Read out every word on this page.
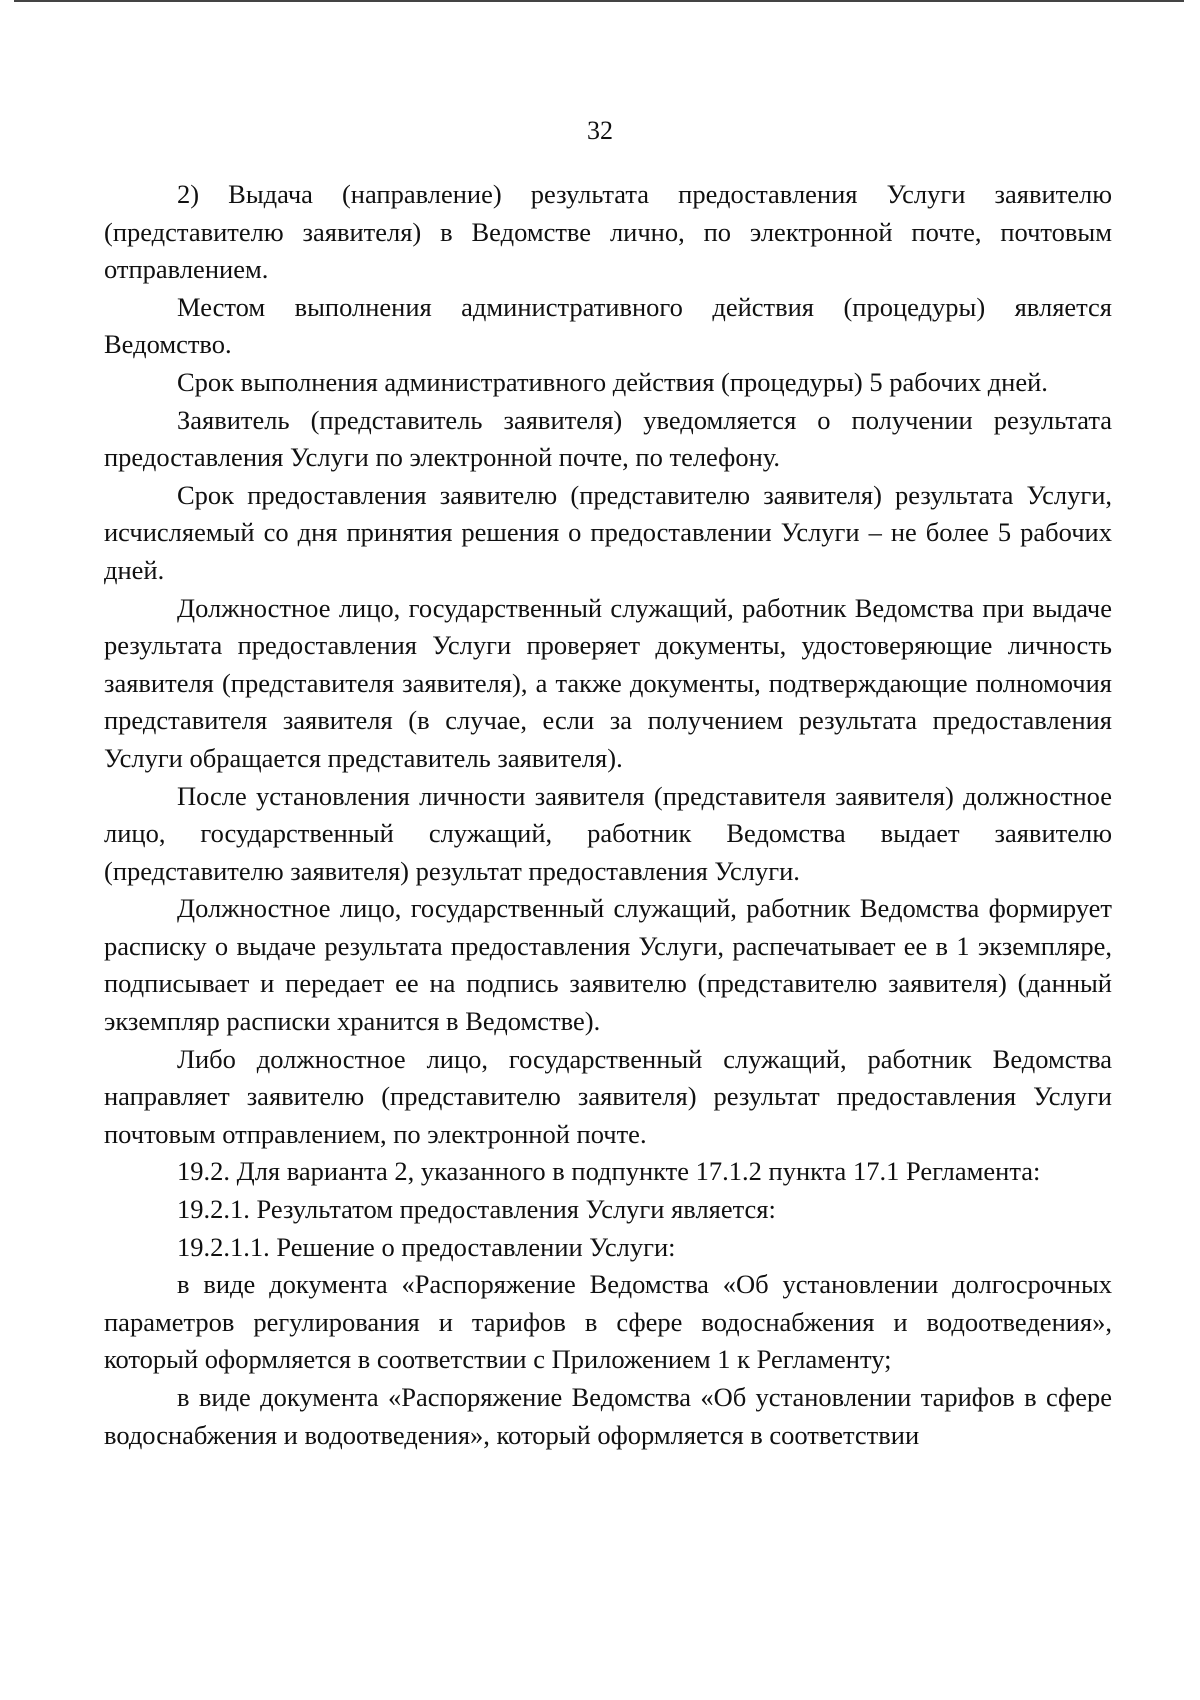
32

2) Выдача (направление) результата предоставления Услуги заявителю (представителю заявителя) в Ведомстве лично, по электронной почте, почтовым отправлением.

Местом выполнения административного действия (процедуры) является Ведомство.

Срок выполнения административного действия (процедуры) 5 рабочих дней.

Заявитель (представитель заявителя) уведомляется о получении результата предоставления Услуги по электронной почте, по телефону.

Срок предоставления заявителю (представителю заявителя) результата Услуги, исчисляемый со дня принятия решения о предоставлении Услуги – не более 5 рабочих дней.

Должностное лицо, государственный служащий, работник Ведомства при выдаче результата предоставления Услуги проверяет документы, удостоверяющие личность заявителя (представителя заявителя), а также документы, подтверждающие полномочия представителя заявителя (в случае, если за получением результата предоставления Услуги обращается представитель заявителя).

После установления личности заявителя (представителя заявителя) должностное лицо, государственный служащий, работник Ведомства выдает заявителю (представителю заявителя) результат предоставления Услуги.

Должностное лицо, государственный служащий, работник Ведомства формирует расписку о выдаче результата предоставления Услуги, распечатывает ее в 1 экземпляре, подписывает и передает ее на подпись заявителю (представителю заявителя) (данный экземпляр расписки хранится в Ведомстве).

Либо должностное лицо, государственный служащий, работник Ведомства направляет заявителю (представителю заявителя) результат предоставления Услуги почтовым отправлением, по электронной почте.

19.2. Для варианта 2, указанного в подпункте 17.1.2 пункта 17.1 Регламента:

19.2.1. Результатом предоставления Услуги является:

19.2.1.1. Решение о предоставлении Услуги:

в виде документа «Распоряжение Ведомства «Об установлении долгосрочных параметров регулирования и тарифов в сфере водоснабжения и водоотведения», который оформляется в соответствии с Приложением 1 к Регламенту;

в виде документа «Распоряжение Ведомства «Об установлении тарифов в сфере водоснабжения и водоотведения», который оформляется в соответствии
